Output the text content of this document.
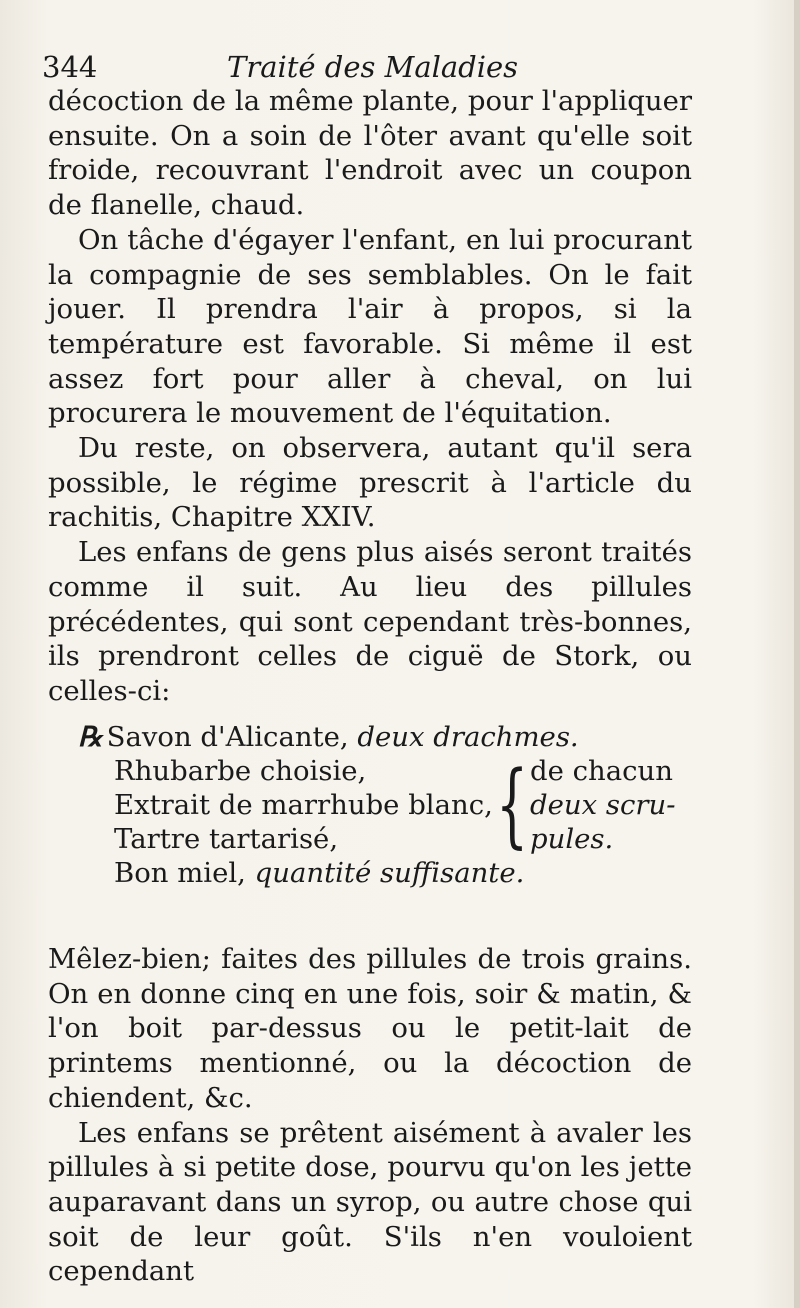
344	Traité des Maladies

décoction de la même plante, pour l'appliquer ensuite. On a soin de l'ôter avant qu'elle soit froide, recouvrant l'endroit avec un coupon de flanelle, chaud.

On tâche d'égayer l'enfant, en lui procurant la compagnie de ses semblables. On le fait jouer. Il prendra l'air à propos, si la température est favorable. Si même il est assez fort pour aller à cheval, on lui procurera le mouvement de l'équitation.

Du reste, on observera, autant qu'il sera possible, le régime prescrit à l'article du rachitis, Chapitre XXIV.

Les enfans de gens plus aisés seront traités comme il suit. Au lieu des pillules précédentes, qui sont cependant très-bonnes, ils prendront celles de ciguë de Stork, ou celles-ci:

℞ Savon d'Alicante, deux drachmes.
Rhubarbe choisie,	de chacun
Extrait de marrhube blanc, deux scru-
Tartre tartarisé,	pules.
Bon miel, quantité suffisante.
{

Mêlez-bien; faites des pillules de trois grains. On en donne cinq en une fois, soir & matin, & l'on boit par-dessus ou le petit-lait de printems mentionné, ou la décoction de chiendent, &c.

Les enfans se prêtent aisément à avaler les pillules à si petite dose, pourvu qu'on les jette auparavant dans un syrop, ou autre chose qui soit de leur goût. S'ils n'en vouloient cependant
